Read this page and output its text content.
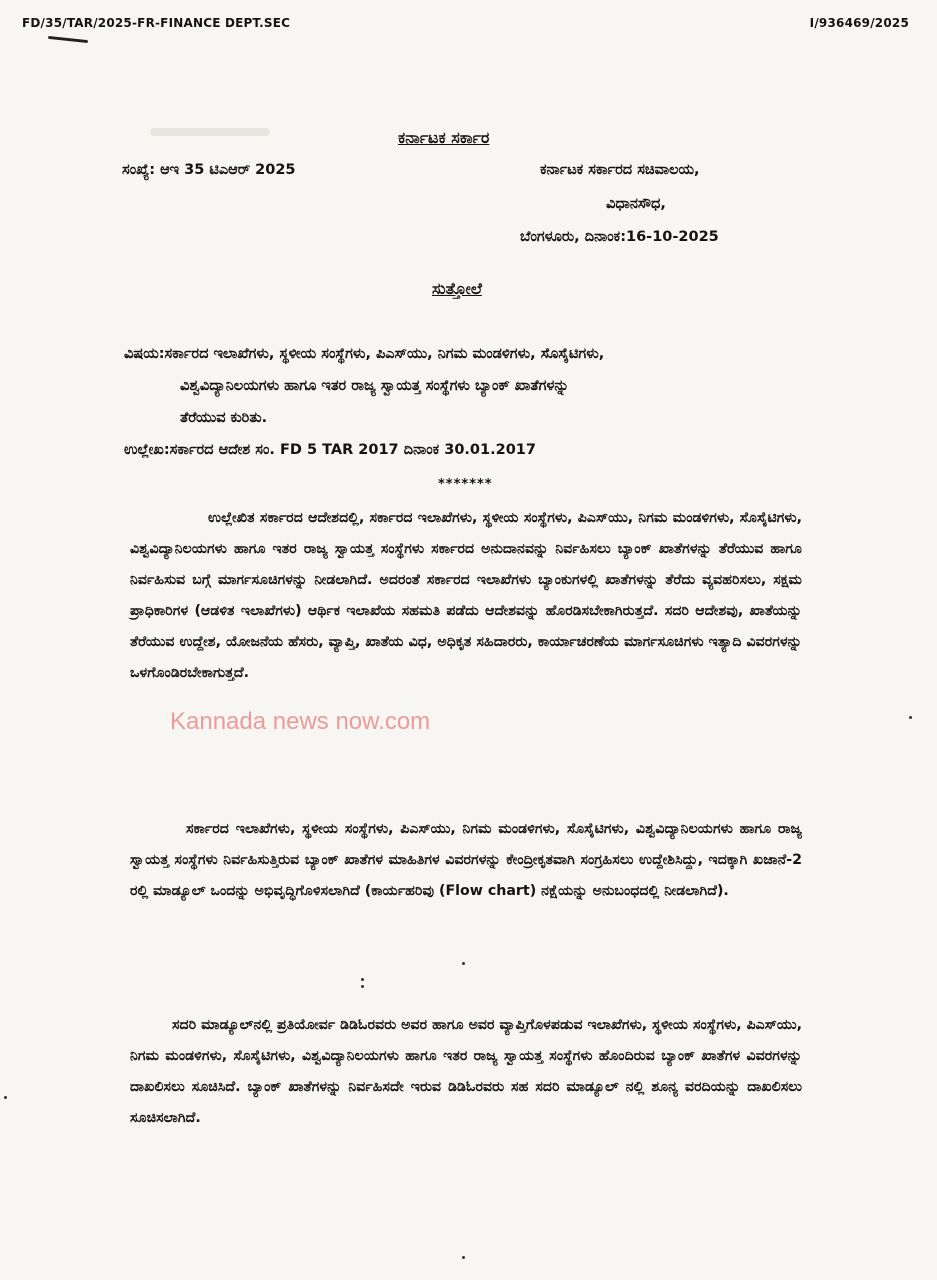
FD/35/TAR/2025-FR-FINANCE DEPT.SEC	I/936469/2025
ಕರ್ನಾಟಕ ಸರ್ಕಾರ
ಸಂಖ್ಯೆ: ಆಇ 35 ಟಿಎಆರ್ 2025	ಕರ್ನಾಟಕ ಸರ್ಕಾರದ ಸಚಿವಾಲಯ,
ವಿಧಾನಸೌಧ,
ಬೆಂಗಳೂರು, ದಿನಾಂಕ:16-10-2025
ಸುತ್ತೋಲೆ
ವಿಷಯ:ಸರ್ಕಾರದ ಇಲಾಖೆಗಳು, ಸ್ಥಳೀಯ ಸಂಸ್ಥೆಗಳು, ಪಿಎಸ್‌ಯು, ನಿಗಮ ಮಂಡಳಿಗಳು, ಸೊಸೈಟಿಗಳು,
ವಿಶ್ವವಿದ್ಯಾನಿಲಯಗಳು ಹಾಗೂ ಇತರ ರಾಜ್ಯ ಸ್ವಾಯತ್ತ ಸಂಸ್ಥೆಗಳು ಬ್ಯಾಂಕ್ ಖಾತೆಗಳನ್ನು
ತೆರೆಯುವ ಕುರಿತು.
ಉಲ್ಲೇಖ:ಸರ್ಕಾರದ ಆದೇಶ ಸಂ. FD 5 TAR 2017 ದಿನಾಂಕ 30.01.2017
*******
ಉಲ್ಲೇಖಿತ ಸರ್ಕಾರದ ಆದೇಶದಲ್ಲಿ, ಸರ್ಕಾರದ ಇಲಾಖೆಗಳು, ಸ್ಥಳೀಯ ಸಂಸ್ಥೆಗಳು, ಪಿಎಸ್‌ಯು, ನಿಗಮ ಮಂಡಳಿಗಳು, ಸೊಸೈಟಿಗಳು, ವಿಶ್ವವಿದ್ಯಾನಿಲಯಗಳು ಹಾಗೂ ಇತರ ರಾಜ್ಯ ಸ್ವಾಯತ್ತ ಸಂಸ್ಥೆಗಳು ಸರ್ಕಾರದ ಅನುದಾನವನ್ನು ನಿರ್ವಹಿಸಲು ಬ್ಯಾಂಕ್ ಖಾತೆಗಳನ್ನು ತೆರೆಯುವ ಹಾಗೂ ನಿರ್ವಹಿಸುವ ಬಗ್ಗೆ ಮಾರ್ಗಸೂಚಿಗಳನ್ನು ನೀಡಲಾಗಿದೆ. ಅದರಂತೆ ಸರ್ಕಾರದ ಇಲಾಖೆಗಳು ಬ್ಯಾಂಕುಗಳಲ್ಲಿ ಖಾತೆಗಳನ್ನು ತೆರೆದು ವ್ಯವಹರಿಸಲು, ಸಕ್ಷಮ ಪ್ರಾಧಿಕಾರಿಗಳ (ಆಡಳಿತ ಇಲಾಖೆಗಳು) ಆರ್ಥಿಕ ಇಲಾಖೆಯ ಸಹಮತಿ ಪಡೆದು ಆದೇಶವನ್ನು ಹೊರಡಿಸಬೇಕಾಗಿರುತ್ತದೆ. ಸದರಿ ಆದೇಶವು, ಖಾತೆಯನ್ನು ತೆರೆಯುವ ಉದ್ದೇಶ, ಯೋಜನೆಯ ಹೆಸರು, ವ್ಯಾಪ್ತಿ, ಖಾತೆಯ ವಿಧ, ಅಧಿಕೃತ ಸಹಿದಾರರು, ಕಾರ್ಯಾಚರಣೆಯ ಮಾರ್ಗಸೂಚಿಗಳು ಇತ್ಯಾದಿ ವಿವರಗಳನ್ನು ಒಳಗೊಂಡಿರಬೇಕಾಗುತ್ತದೆ.
ಸರ್ಕಾರದ ಇಲಾಖೆಗಳು, ಸ್ಥಳೀಯ ಸಂಸ್ಥೆಗಳು, ಪಿಎಸ್‌ಯು, ನಿಗಮ ಮಂಡಳಿಗಳು, ಸೊಸೈಟಿಗಳು, ವಿಶ್ವವಿದ್ಯಾನಿಲಯಗಳು ಹಾಗೂ ರಾಜ್ಯ ಸ್ವಾಯತ್ತ ಸಂಸ್ಥೆಗಳು ನಿರ್ವಹಿಸುತ್ತಿರುವ ಬ್ಯಾಂಕ್ ಖಾತೆಗಳ ಮಾಹಿತಿಗಳ ವಿವರಗಳನ್ನು ಕೇಂದ್ರೀಕೃತವಾಗಿ ಸಂಗ್ರಹಿಸಲು ಉದ್ದೇಶಿಸಿದ್ದು, ಇದಕ್ಕಾಗಿ ಖಜಾನೆ-2 ರಲ್ಲಿ ಮಾಡ್ಯೂಲ್ ಒಂದನ್ನು ಅಭಿವೃದ್ಧಿಗೊಳಿಸಲಾಗಿದೆ (ಕಾರ್ಯಹರಿವು (Flow chart) ನಕ್ಷೆಯನ್ನು ಅನುಬಂಧದಲ್ಲಿ ನೀಡಲಾಗಿದೆ).
ಸದರಿ ಮಾಡ್ಯೂಲ್‌ನಲ್ಲಿ ಪ್ರತಿಯೋರ್ವ ಡಿಡಿಓರವರು ಅವರ ಹಾಗೂ ಅವರ ವ್ಯಾಪ್ತಿಗೊಳಪಡುವ ಇಲಾಖೆಗಳು, ಸ್ಥಳೀಯ ಸಂಸ್ಥೆಗಳು, ಪಿಎಸ್‌ಯು, ನಿಗಮ ಮಂಡಳಿಗಳು, ಸೊಸೈಟಿಗಳು, ವಿಶ್ವವಿದ್ಯಾನಿಲಯಗಳು ಹಾಗೂ ಇತರ ರಾಜ್ಯ ಸ್ವಾಯತ್ತ ಸಂಸ್ಥೆಗಳು ಹೊಂದಿರುವ ಬ್ಯಾಂಕ್ ಖಾತೆಗಳ ವಿವರಗಳನ್ನು ದಾಖಲಿಸಲು ಸೂಚಿಸಿದೆ. ಬ್ಯಾಂಕ್ ಖಾತೆಗಳನ್ನು ನಿರ್ವಹಿಸದೇ ಇರುವ ಡಿಡಿಓರವರು ಸಹ ಸದರಿ ಮಾಡ್ಯೂಲ್ ನಲ್ಲಿ ಶೂನ್ಯ ವರದಿಯನ್ನು ದಾಖಲಿಸಲು ಸೂಚಿಸಲಾಗಿದೆ.
Kannada news now.com
